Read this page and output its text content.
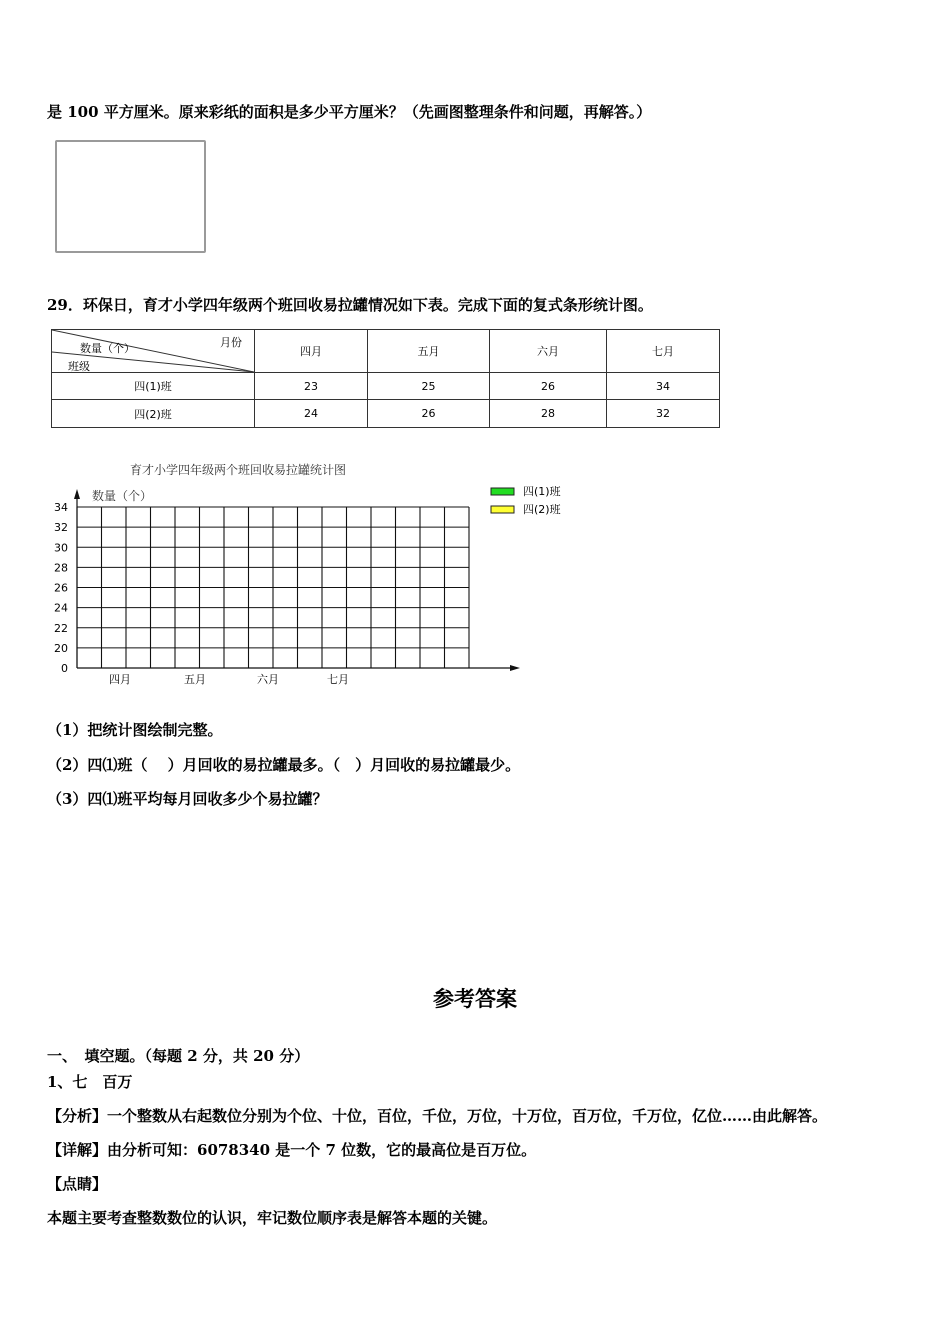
是 100 平方厘米。原来彩纸的面积是多少平方厘米？（先画图整理条件和问题，再解答。）
29．环保日，育才小学四年级两个班回收易拉罐情况如下表。完成下面的复式条形统计图。
数量（个） 月份
班级	四月	五月	六月	七月
四(1)班	23	25	26	34
四(2)班	24	26	28	32
育才小学四年级两个班回收易拉罐统计图
数量（个）
0
20
22
24
26
28
30
32
34
四月	五月	六月	七月
四(1)班
四(2)班
（1）把统计图绘制完整。
（2）四⑴班（　 ）月回收的易拉罐最多。（　）月回收的易拉罐最少。
（3）四⑴班平均每月回收多少个易拉罐？
参考答案
一、　填空题。（每题 2 分，共 20 分）
1、七　百万
【分析】一个整数从右起数位分别为个位、十位，百位，千位，万位，十万位，百万位，千万位，亿位……由此解答。
【详解】由分析可知：6078340 是一个 7 位数，它的最高位是百万位。
【点睛】
本题主要考查整数数位的认识，牢记数位顺序表是解答本题的关键。
